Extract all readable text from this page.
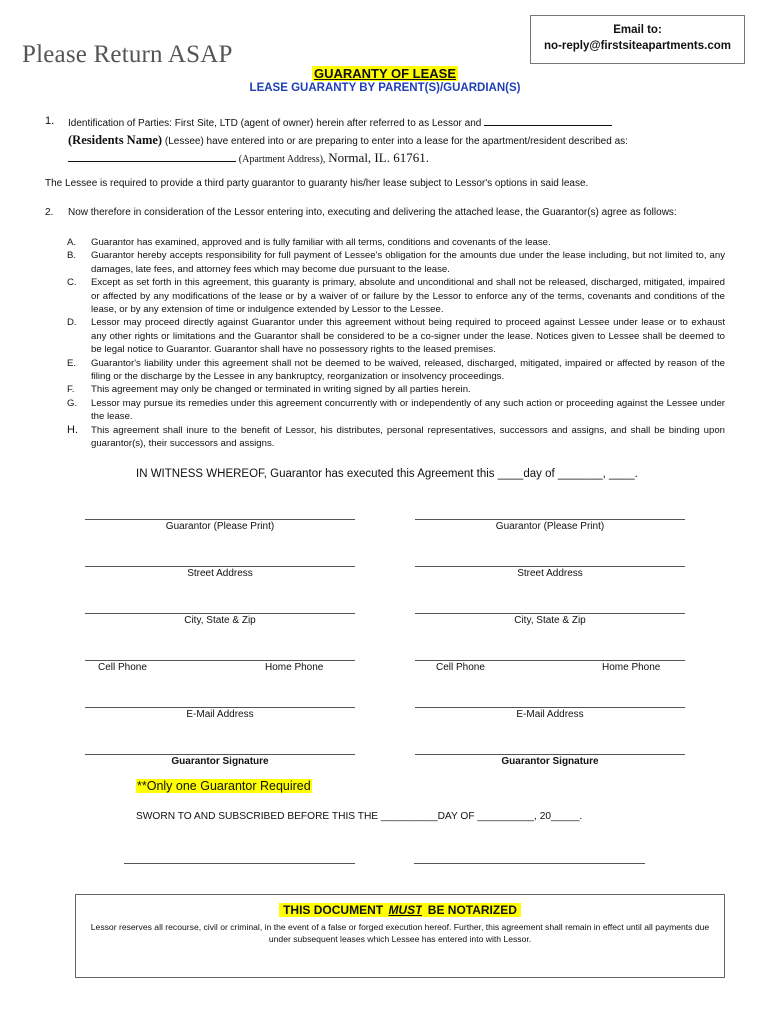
Email to:
no-reply@firstsiteapartments.com
Please Return ASAP
GUARANTY OF LEASE
LEASE GUARANTY BY PARENT(S)/GUARDIAN(S)
1. Identification of Parties: First Site, LTD (agent of owner) herein after referred to as Lessor and
(Residents Name) (Lessee) have entered into or are preparing to enter into a lease for the apartment/resident described as:
(Apartment Address), Normal, IL. 61761.
The Lessee is required to provide a third party guarantor to guaranty his/her lease subject to Lessor's options in said lease.
2. Now therefore in consideration of the Lessor entering into, executing and delivering the attached lease, the Guarantor(s) agree as follows:
A. Guarantor has examined, approved and is fully familiar with all terms, conditions and covenants of the lease.
B. Guarantor hereby accepts responsibility for full payment of Lessee's obligation for the amounts due under the lease including, but not limited to, any damages, late fees, and attorney fees which may become due pursuant to the lease.
C. Except as set forth in this agreement, this guaranty is primary, absolute and unconditional and shall not be released, discharged, mitigated, impaired or affected by any modifications of the lease or by a waiver of or failure by the Lessor to enforce any of the terms, covenants and conditions of the lease, or by any extension of time or indulgence extended by Lessor to the Lessee.
D. Lessor may proceed directly against Guarantor under this agreement without being required to proceed against Lessee under lease or to exhaust any other rights or limitations and the Guarantor shall be considered to be a co-signer under the lease. Notices given to Lessee shall be deemed to be legal notice to Guarantor. Guarantor shall have no possessory rights to the leased premises.
E. Guarantor's liability under this agreement shall not be deemed to be waived, released, discharged, mitigated, impaired or affected by reason of the filing or the discharge by the Lessee in any bankruptcy, reorganization or insolvency proceedings.
F. This agreement may only be changed or terminated in writing signed by all parties herein.
G. Lessor may pursue its remedies under this agreement concurrently with or independently of any such action or proceeding against the Lessee under the lease.
H. This agreement shall inure to the benefit of Lessor, his distributes, personal representatives, successors and assigns, and shall be binding upon guarantor(s), their successors and assigns.
IN WITNESS WHEREOF, Guarantor has executed this Agreement this ____day of _______, ____.
Guarantor (Please Print)
Street Address
City, State & Zip
Cell Phone	Home Phone
E-Mail Address
Guarantor Signature
Guarantor (Please Print)
Street Address
City, State & Zip
Cell Phone	Home Phone
E-Mail Address
Guarantor Signature
**Only one Guarantor Required
SWORN TO AND SUBSCRIBED BEFORE THIS THE __________DAY OF __________, 20_____.
THIS DOCUMENT MUST BE NOTARIZED
Lessor reserves all recourse, civil or criminal, in the event of a false or forged execution hereof. Further, this agreement shall remain in effect until all payments due under subsequent leases which Lessee has entered into with Lessor.
